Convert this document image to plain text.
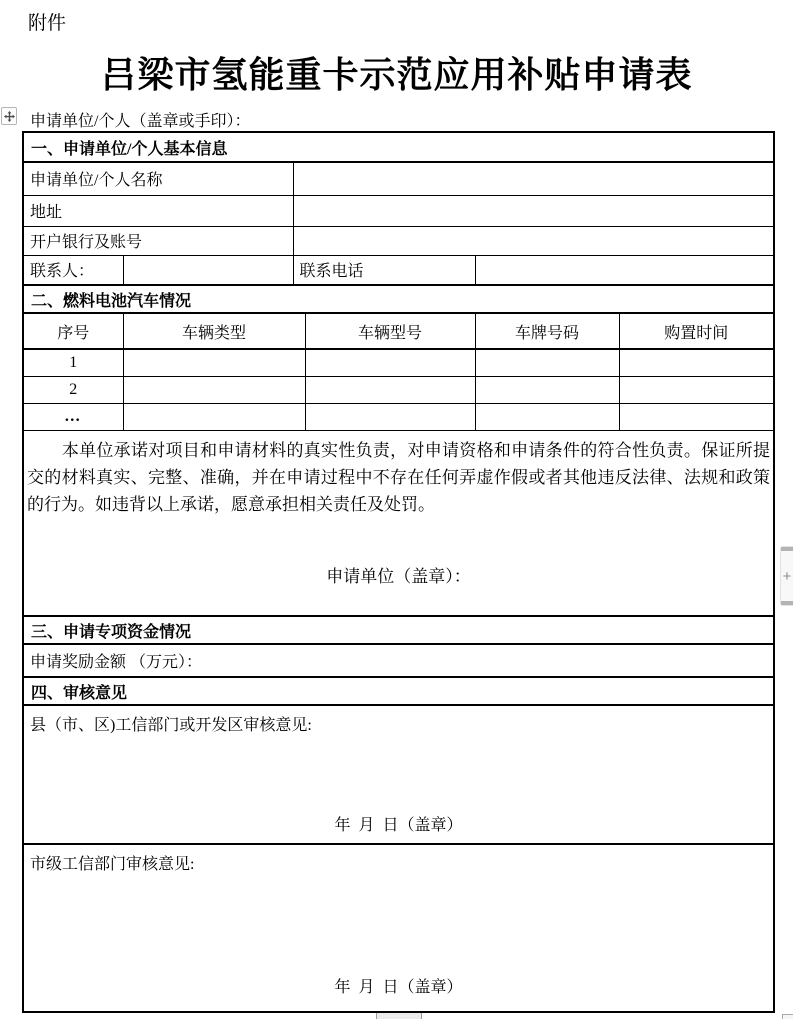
附件
吕梁市氢能重卡示范应用补贴申请表
申请单位/个人（盖章或手印）：
一、申请单位/个人基本信息					
申请单位/个人名称					
地址					
开户银行及账号					
联系人：		联系电话			
二、燃料电池汽车情况					
序号	车辆类型		车辆型号	车牌号码	购置时间
1					
2					
…					

本单位承诺对项目和申请材料的真实性负责，对申请资格和申请条件的符合性负责。保证所提交的材料真实、完整、准确，并在申请过程中不存在任何弄虚作假或者其他违反法律、法规和政策的行为。如违背以上承诺，愿意承担相关责任及处罚。

申请单位（盖章）：					

三、申请专项资金情况					
申请奖励金额 （万元）：					
四、审核意见					

县（市、区)工信部门或开发区审核意见:
年  月  日（盖章）					

市级工信部门审核意见:
年  月  日（盖章）					
+
